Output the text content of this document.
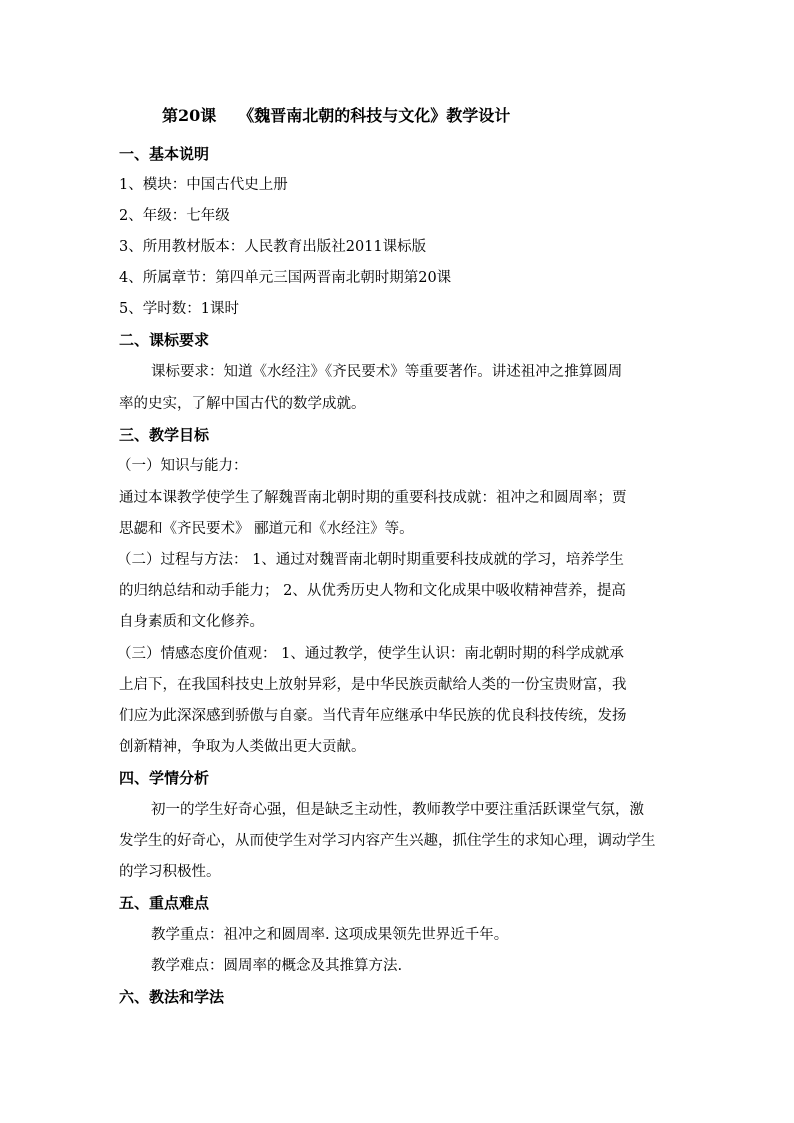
第20课 《魏晋南北朝的科技与文化》教学设计
一、基本说明
1、模块：中国古代史上册
2、年级：七年级
3、所用教材版本：人民教育出版社2011课标版
4、所属章节：第四单元三国两晋南北朝时期第20课
5、学时数：1课时
二、课标要求
课标要求：知道《水经注》《齐民要术》等重要著作。讲述祖冲之推算圆周
率的史实，了解中国古代的数学成就。
三、教学目标
（一）知识与能力：
通过本课教学使学生了解魏晋南北朝时期的重要科技成就：祖冲之和圆周率；贾
思勰和《齐民要术》 郦道元和《水经注》等。
（二）过程与方法： 1、通过对魏晋南北朝时期重要科技成就的学习，培养学生
的归纳总结和动手能力； 2、从优秀历史人物和文化成果中吸收精神营养，提高
自身素质和文化修养。
（三）情感态度价值观： 1、通过教学，使学生认识：南北朝时期的科学成就承
上启下，在我国科技史上放射异彩，是中华民族贡献给人类的一份宝贵财富，我
们应为此深深感到骄傲与自豪。当代青年应继承中华民族的优良科技传统，发扬
创新精神，争取为人类做出更大贡献。
四、学情分析
初一的学生好奇心强，但是缺乏主动性，教师教学中要注重活跃课堂气氛，激
发学生的好奇心，从而使学生对学习内容产生兴趣，抓住学生的求知心理，调动学生
的学习积极性。
五、重点难点
教学重点：祖冲之和圆周率. 这项成果领先世界近千年。
教学难点：圆周率的概念及其推算方法.
六、教法和学法
